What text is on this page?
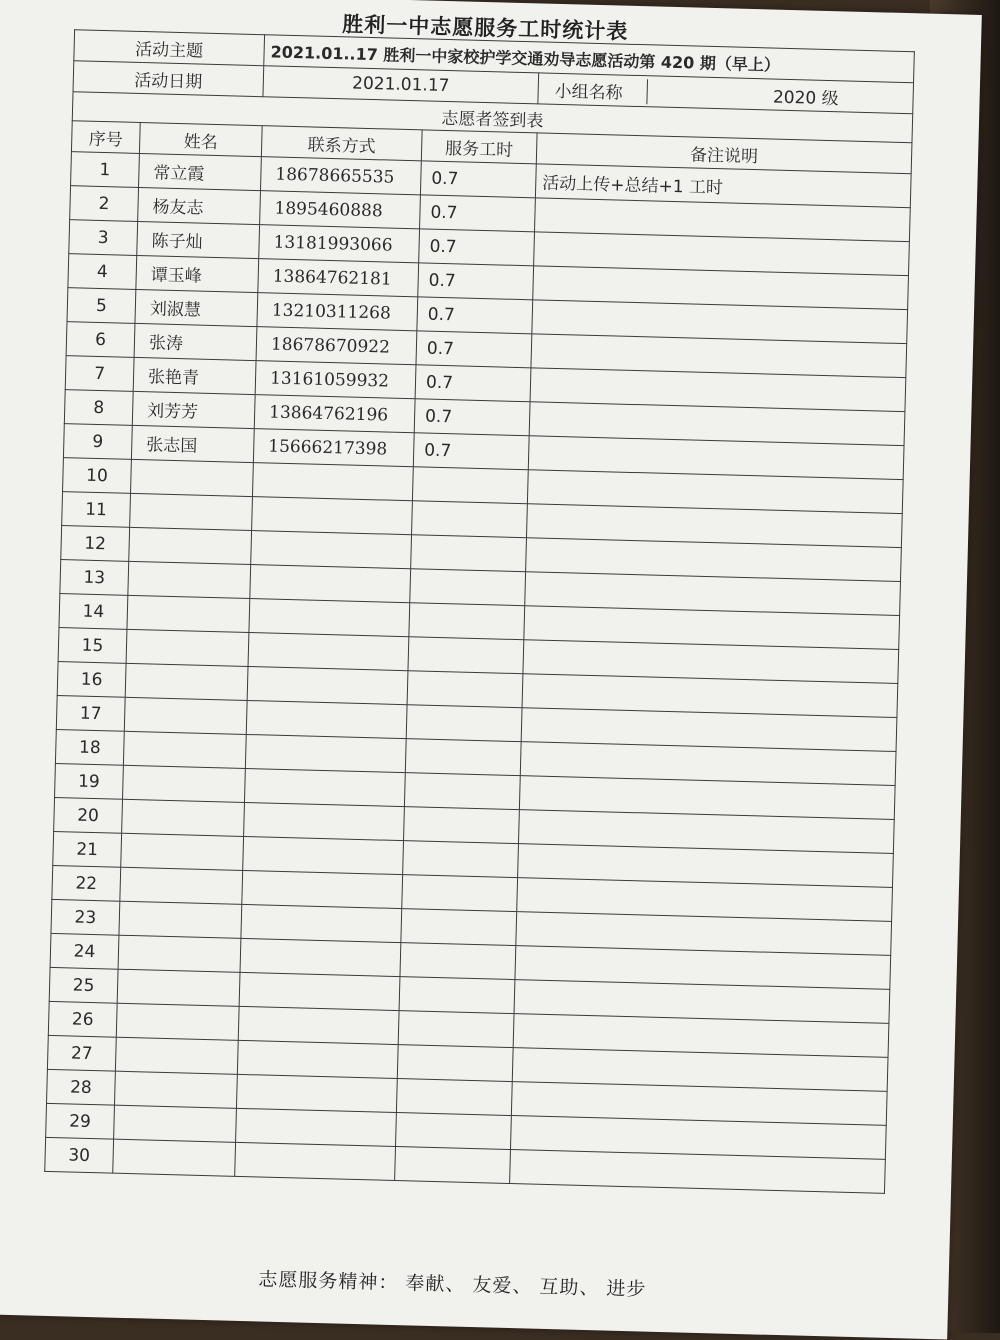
胜利一中志愿服务工时统计表
活动主题		2021.01..17 胜利一中家校护学交通劝导志愿活动第 420 期（早上）		
活动日期		2021.01.17		小组名称 2020 级
志愿者签到表				
序号	姓名	联系方式	服务工时	备注说明
1	常立霞	18678665535	0.7	活动上传+总结+1 工时
2	杨友志	1895460888	0.7	
3	陈子灿	13181993066	0.7	
4	谭玉峰	13864762181	0.7	
5	刘淑慧	13210311268	0.7	
6	张涛	18678670922	0.7	
7	张艳青	13161059932	0.7	
8	刘芳芳	13864762196	0.7	
9	张志国	15666217398	0.7	
10				
11				
12				
13				
14				
15				
16				
17				
18				
19				
20				
21				
22				
23				
24				
25				
26				
27				
28				
29				
30				
志愿服务精神： 奉献、 友爱、 互助、 进步
